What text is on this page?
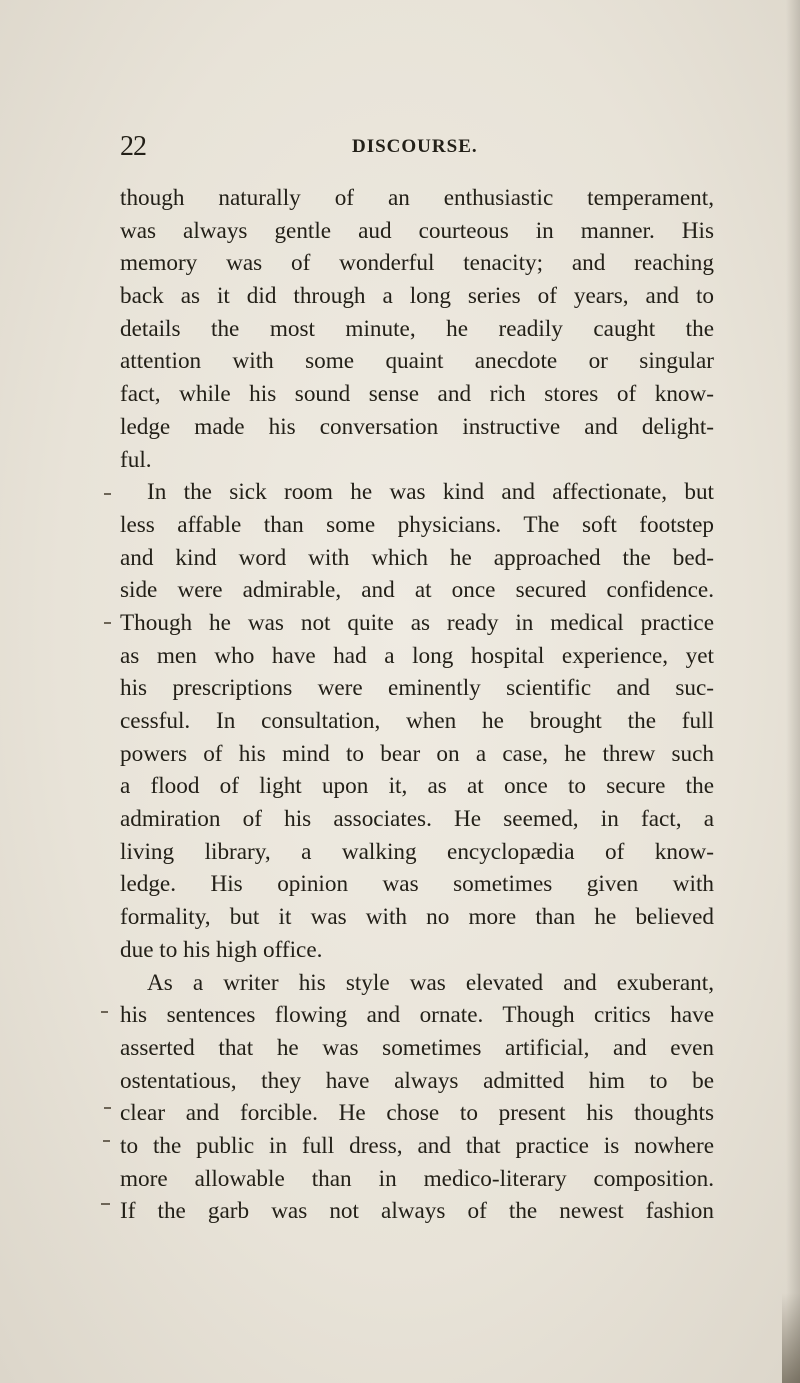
22	DISCOURSE.
though naturally of an enthusiastic temperament,
was always gentle aud courteous in manner. His
memory was of wonderful tenacity; and reaching
back as it did through a long series of years, and to
details the most minute, he readily caught the
attention with some quaint anecdote or singular
fact, while his sound sense and rich stores of know-
ledge made his conversation instructive and delight-
ful.
In the sick room he was kind and affectionate, but
less affable than some physicians. The soft footstep
and kind word with which he approached the bed-
side were admirable, and at once secured confidence.
Though he was not quite as ready in medical practice
as men who have had a long hospital experience, yet
his prescriptions were eminently scientific and suc-
cessful. In consultation, when he brought the full
powers of his mind to bear on a case, he threw such
a flood of light upon it, as at once to secure the
admiration of his associates. He seemed, in fact, a
living library, a walking encyclopædia of know-
ledge. His opinion was sometimes given with
formality, but it was with no more than he believed
due to his high office.
As a writer his style was elevated and exuberant,
his sentences flowing and ornate. Though critics have
asserted that he was sometimes artificial, and even
ostentatious, they have always admitted him to be
clear and forcible. He chose to present his thoughts
to the public in full dress, and that practice is nowhere
more allowable than in medico-literary composition.
If the garb was not always of the newest fashion
